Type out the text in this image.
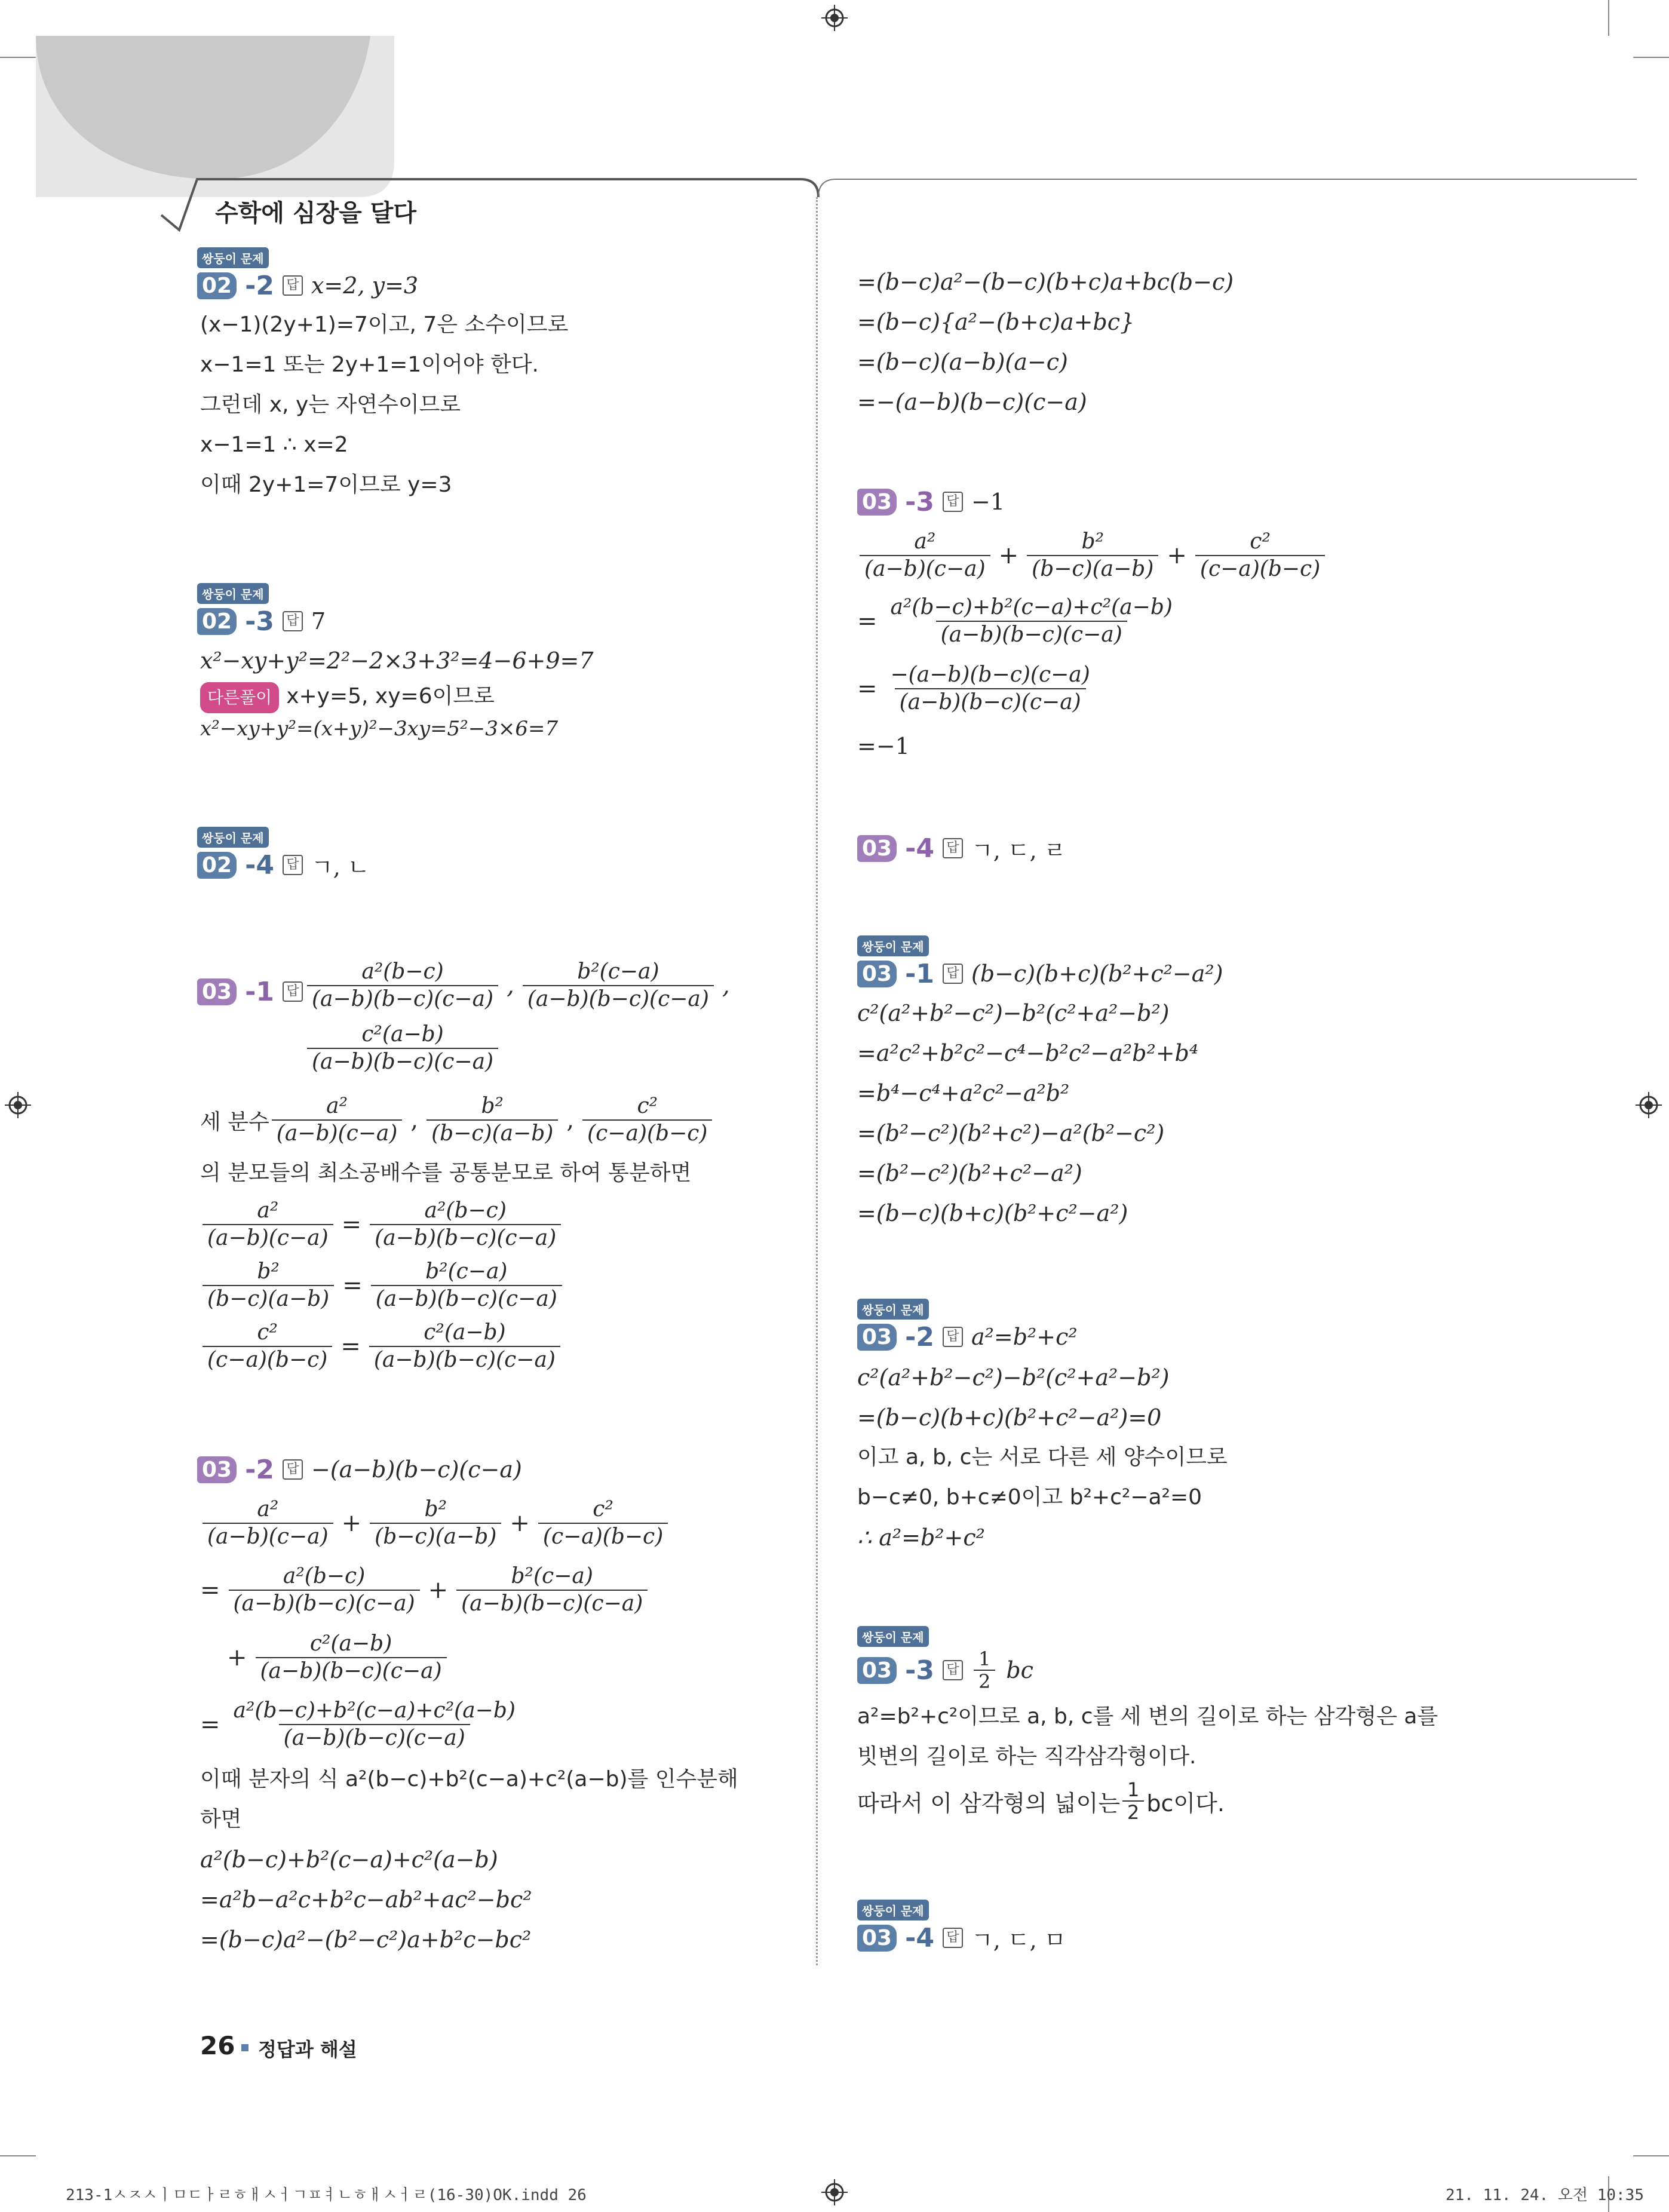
수학에 심장을 달다
쌍둥이 문제
02 -2 답 x=2, y=3
(x−1)(2y+1)=7이고, 7은 소수이므로
x−1=1 또는 2y+1=1이어야 한다.
그런데 x, y는 자연수이므로
x−1=1 ∴ x=2
이때 2y+1=7이므로 y=3
쌍둥이 문제
02 -3 답 7
x²−xy+y²=2²−2×3+3²=4−6+9=7
다른풀이 x+y=5, xy=6이므로
x²−xy+y²=(x+y)²−3xy=5²−3×6=7
쌍둥이 문제
02 -4 답 ㄱ, ㄴ
03 -1 답 $\frac{\text{a²(b−c)}}{(a-b)(b-c)(c-a)}$ , $\frac{\text{b²(c−a)}}{(a-b)(b-c)(c-a)}$ ,
$\frac{\text{c²(a−b)}}{(a-b)(b-c)(c-a)}$
세 분수 $\frac{\text{a²}}{(a-b)(c-a)}$ , $\frac{\text{b²}}{(b-c)(a-b)}$ , $\frac{\text{c²}}{(c-a)(b-c)}$
의 분모들의 최소공배수를 공통분모로 하여 통분하면
$\frac{\text{a²}}{(a-b)(c-a)} = \frac{\text{a²(b−c)}}{(a-b)(b-c)(c-a)}$
$\frac{\text{b²}}{(b-c)(a-b)} = \frac{\text{b²(c−a)}}{(a-b)(b-c)(c-a)}$
$\frac{\text{c²}}{(c-a)(b-c)} = \frac{\text{c²(a−b)}}{(a-b)(b-c)(c-a)}$
03 -2 답 −(a−b)(b−c)(c−a)
$\frac{\text{a²}}{(a-b)(c-a)} + \frac{\text{b²}}{(b-c)(a-b)} + \frac{\text{c²}}{(c-a)(b-c)}$
= $\frac{\text{a²(b−c)}}{(a-b)(b-c)(c-a)} + \frac{\text{b²(c−a)}}{(a-b)(b-c)(c-a)}$
+ $\frac{\text{c²(a−b)}}{(a-b)(b-c)(c-a)}$
= $\frac{\text{a²(b−c)+b²(c−a)+c²(a−b)}}{(a-b)(b-c)(c-a)}$
이때 분자의 식 a²(b−c)+b²(c−a)+c²(a−b)를 인수분해
하면
a²(b−c)+b²(c−a)+c²(a−b)
=a²b−a²c+b²c−ab²+ac²−bc²
=(b−c)a²−(b²−c²)a+b²c−bc²
=(b−c)a²−(b−c)(b+c)a+bc(b−c)
=(b−c){a²−(b+c)a+bc}
=(b−c)(a−b)(a−c)
=−(a−b)(b−c)(c−a)
03 -3 답 −1
$\frac{\text{a²}}{(a-b)(c-a)} + \frac{\text{b²}}{(b-c)(a-b)} + \frac{\text{c²}}{(c-a)(b-c)}$
= $\frac{\text{a²(b−c)+b²(c−a)+c²(a−b)}}{(a-b)(b-c)(c-a)}$
= $\frac{-(a-b)(b-c)(c-a)}{(a-b)(b-c)(c-a)}$
=−1
03 -4 답 ㄱ, ㄷ, ㄹ
쌍둥이 문제
03 -1 답 (b−c)(b+c)(b²+c²−a²)
c²(a²+b²−c²)−b²(c²+a²−b²)
=a²c²+b²c²−c⁴−b²c²−a²b²+b⁴
=b⁴−c⁴+a²c²−a²b²
=(b²−c²)(b²+c²)−a²(b²−c²)
=(b²−c²)(b²+c²−a²)
=(b−c)(b+c)(b²+c²−a²)
쌍둥이 문제
03 -2 답 a²=b²+c²
c²(a²+b²−c²)−b²(c²+a²−b²)
=(b−c)(b+c)(b²+c²−a²)=0
이고 a, b, c는 서로 다른 세 양수이므로
b−c≠0, b+c≠0이고 b²+c²−a²=0
∴ a²=b²+c²
쌍둥이 문제
03 -3 답 $\frac{1}{2}$ bc
a²=b²+c²이므로 a, b, c를 세 변의 길이로 하는 삼각형은 a를
빗변의 길이로 하는 직각삼각형이다.
따라서 이 삼각형의 넓이는 $\frac{1}{2}$ bc이다.
쌍둥이 문제
03 -4 답 ㄱ, ㄷ, ㅁ
26 정답과 해설
213-1ㅅㅈㅅㅣㅁㄷㅏㄹㅎㅐㅅㅓㄱㅍㅕㄴㅎㅐㅅㅓㄹ(16-30)OK.indd 26	21. 11. 24. 오전 10:35
